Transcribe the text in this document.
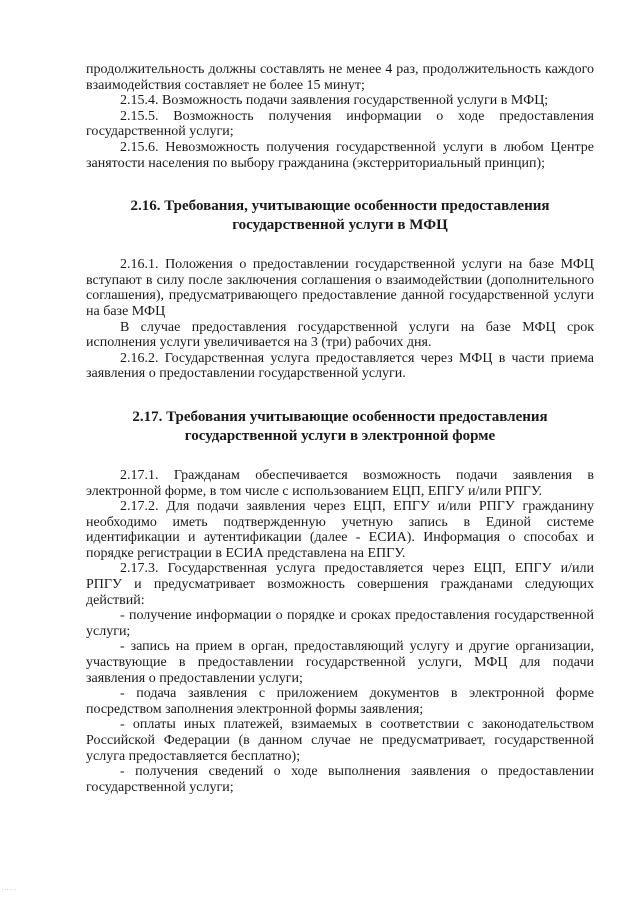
продолжительность должны составлять не менее 4 раз, продолжительность каждого взаимодействия составляет не более 15 минут;

2.15.4. Возможность подачи заявления государственной услуги в МФЦ;

2.15.5. Возможность получения информации о ходе предоставления государственной услуги;

2.15.6. Невозможность получения государственной услуги в любом Центре занятости населения по выбору гражданина (экстерриториальный принцип);

2.16. Требования, учитывающие особенности предоставления государственной услуги в МФЦ

2.16.1. Положения о предоставлении государственной услуги на базе МФЦ вступают в силу после заключения соглашения о взаимодействии (дополнительного соглашения), предусматривающего предоставление данной государственной услуги на базе МФЦ

В случае предоставления государственной услуги на базе МФЦ срок исполнения услуги увеличивается на 3 (три) рабочих дня.

2.16.2. Государственная услуга предоставляется через МФЦ в части приема заявления о предоставлении государственной услуги.

2.17. Требования учитывающие особенности предоставления государственной услуги в электронной форме

2.17.1. Гражданам обеспечивается возможность подачи заявления в электронной форме, в том числе с использованием ЕЦП, ЕПГУ и/или РПГУ.

2.17.2. Для подачи заявления через ЕЦП, ЕПГУ и/или РПГУ гражданину необходимо иметь подтвержденную учетную запись в Единой системе идентификации и аутентификации (далее - ЕСИА). Информация о способах и порядке регистрации в ЕСИА представлена на ЕПГУ.

2.17.3. Государственная услуга предоставляется через ЕЦП, ЕПГУ и/или РПГУ и предусматривает возможность совершения гражданами следующих действий:

- получение информации о порядке и сроках предоставления государственной услуги;

- запись на прием в орган, предоставляющий услугу и другие организации, участвующие в предоставлении государственной услуги, МФЦ для подачи заявления о предоставлении услуги;

- подача заявления с приложением документов в электронной форме посредством заполнения электронной формы заявления;

- оплаты иных платежей, взимаемых в соответствии с законодательством Российской Федерации (в данном случае не предусматривает, государственной услуга предоставляется бесплатно);

- получения сведений о ходе выполнения заявления о предоставлении государственной услуги;

......
